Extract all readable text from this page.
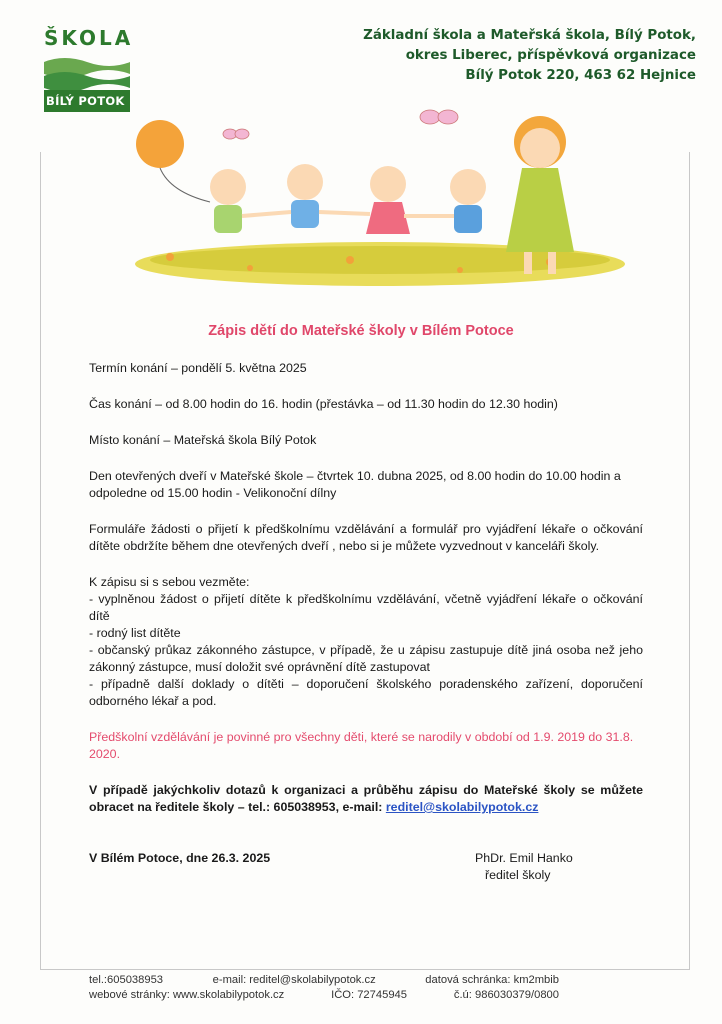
ŠKOLA
BÍLÝ POTOK
Základní škola a Mateřská škola, Bílý Potok,
okres Liberec, příspěvková organizace
Bílý Potok 220, 463 62 Hejnice
Zápis dětí do Mateřské školy v Bílém Potoce
Termín konání – pondělí 5. května 2025
Čas konání – od 8.00 hodin do 16. hodin (přestávka – od 11.30 hodin do 12.30 hodin)
Místo konání – Mateřská škola Bílý Potok
Den otevřených dveří v Mateřské škole – čtvrtek 10. dubna 2025, od 8.00 hodin do 10.00 hodin a odpoledne od 15.00 hodin - Velikonoční dílny
Formuláře žádosti o přijetí k předškolnímu vzdělávání a formulář pro vyjádření lékaře o očkování dítěte obdržíte během dne otevřených dveří , nebo si je můžete vyzvednout v kanceláři školy.
K zápisu si s sebou vezměte:
- vyplněnou žádost o přijetí dítěte k předškolnímu vzdělávání, včetně vyjádření lékaře o očkování dítě
- rodný list dítěte
- občanský průkaz zákonného zástupce, v případě, že u zápisu zastupuje dítě jiná osoba než jeho zákonný zástupce, musí doložit své oprávnění dítě zastupovat
- případně další doklady o dítěti – doporučení školského poradenského zařízení, doporučení odborného lékař a pod.
Předškolní vzdělávání je povinné pro všechny děti, které se narodily v období od 1.9. 2019 do 31.8. 2020.
V případě jakýchkoliv dotazů k organizaci a průběhu zápisu do Mateřské školy se můžete obracet na ředitele školy – tel.: 605038953, e-mail: reditel@skolabilypotok.cz
V Bílém Potoce, dne 26.3. 2025	PhDr. Emil Hanko
ředitel školy
tel.:605038953	e-mail: reditel@skolabilypotok.cz	datová schránka: km2mbib
webové stránky: www.skolabilypotok.cz	IČO: 72745945	č.ú: 986030379/0800
